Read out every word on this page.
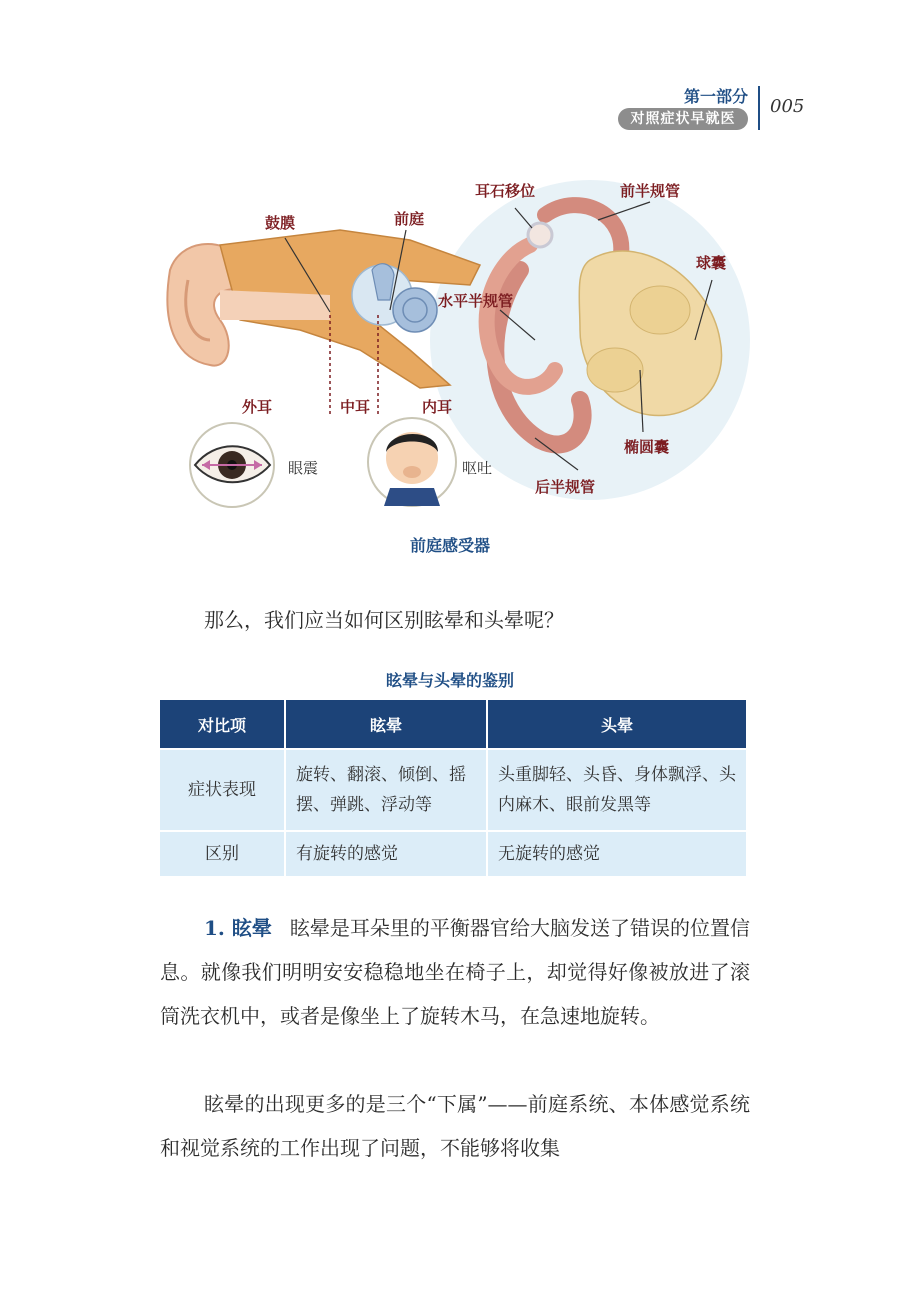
第一部分
对照症状早就医
005
鼓膜	前庭
耳石移位	前半规管
球囊
水平半规管
外耳	中耳	内耳
椭圆囊
后半规管
眼震	呕吐
前庭感受器
那么，我们应当如何区别眩晕和头晕呢？
眩晕与头晕的鉴别
对比项	眩晕	头晕
症状表现	旋转、翻滚、倾倒、摇摆、弹跳、浮动等	头重脚轻、头昏、身体飘浮、头内麻木、眼前发黑等
区别	有旋转的感觉	无旋转的感觉
1. 眩晕 眩晕是耳朵里的平衡器官给大脑发送了错误的位置信息。就像我们明明安安稳稳地坐在椅子上，却觉得好像被放进了滚筒洗衣机中，或者是像坐上了旋转木马，在急速地旋转。
眩晕的出现更多的是三个“下属”——前庭系统、本体感觉系统和视觉系统的工作出现了问题，不能够将收集
